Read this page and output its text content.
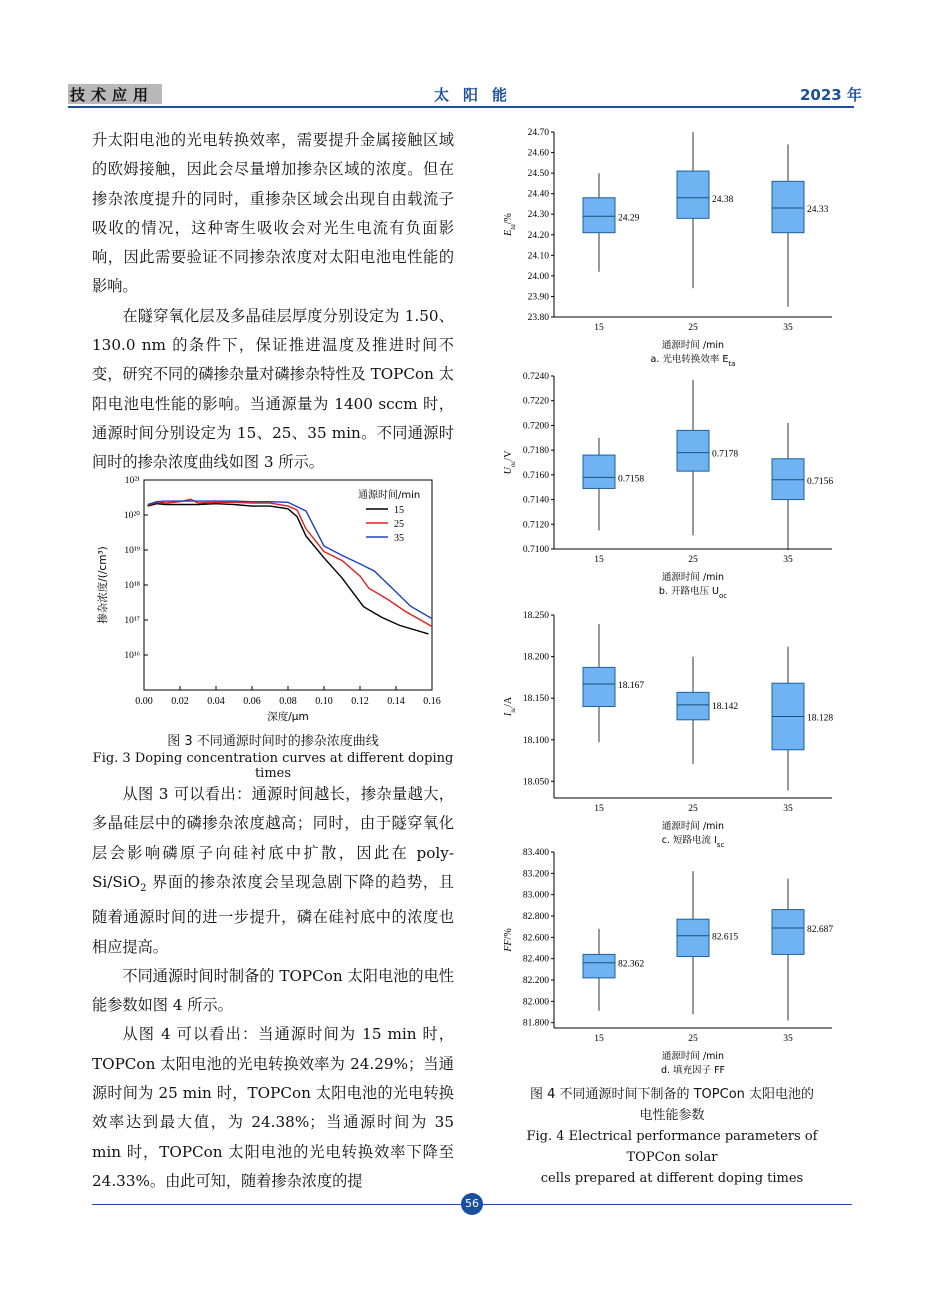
技术应用	太阳能	2023 年

升太阳电池的光电转换效率，需要提升金属接触区域的欧姆接触，因此会尽量增加掺杂区域的浓度。但在掺杂浓度提升的同时，重掺杂区域会出现自由载流子吸收的情况，这种寄生吸收会对光生电流有负面影响，因此需要验证不同掺杂浓度对太阳电池电性能的影响。

在隧穿氧化层及多晶硅层厚度分别设定为 1.50、130.0 nm 的条件下，保证推进温度及推进时间不变，研究不同的磷掺杂量对磷掺杂特性及 TOPCon 太阳电池电性能的影响。当通源量为 1400 sccm 时，通源时间分别设定为 15、25、35 min。不同通源时间时的掺杂浓度曲线如图 3 所示。

0.00 0.02 0.04 0.06 0.08 0.10 0.12 0.14 0.16
10¹⁶
10¹⁷
10¹⁸
10¹⁹
10²⁰
10²¹
深度/μm
掺杂浓度/(/cm³)
通源时间/min
15
25
35
图 3 不同通源时间时的掺杂浓度曲线
Fig. 3 Doping concentration curves at different doping times

从图 3 可以看出：通源时间越长，掺杂量越大，多晶硅层中的磷掺杂浓度越高；同时，由于隧穿氧化层会影响磷原子向硅衬底中扩散，因此在 poly-Si/SiO$_2$ 界面的掺杂浓度会呈现急剧下降的趋势，且随着通源时间的进一步提升，磷在硅衬底中的浓度也相应提高。

不同通源时间时制备的 TOPCon 太阳电池的电性能参数如图 4 所示。

从图 4 可以看出：当通源时间为 15 min 时，TOPCon 太阳电池的光电转换效率为 24.29%；当通源时间为 25 min 时，TOPCon 太阳电池的光电转换效率达到最大值，为 24.38%；当通源时间为 35 min 时，TOPCon 太阳电池的光电转换效率下降至 24.33%。由此可知，随着掺杂浓度的提

24.70
24.60
24.50
24.40
24.30
24.20
24.10
24.00
23.90
23.80
15	25	35
通源时间 /min
a. 光电转换效率 $E_{ta}$
$E_{ta}/\%$	24.29
24.38
24.33
0.7240
0.7220
0.7200
0.7180
0.7160
0.7140
0.7120
0.7100
15	25	35
通源时间 /min
b. 开路电压 $U_{oc}$
$U_{oc}/V$
0.7158
0.7178
0.7156
18.250
18.200
18.150
18.100
18.050
15	25	35
通源时间 /min
c. 短路电流 $I_{sc}$
$I_{sc}/A$
18.167
18.142
18.128
83.400
83.200
83.000
82.800
82.600
82.400
82.200
82.000
81.800
15	25	35
通源时间 /min
d. 填充因子 FF
FF/%
82.362
82.615
82.687
图 4 不同通源时间下制备的 TOPCon 太阳电池的
电性能参数
Fig. 4 Electrical performance parameters of TOPCon solar
cells prepared at different doping times
56
